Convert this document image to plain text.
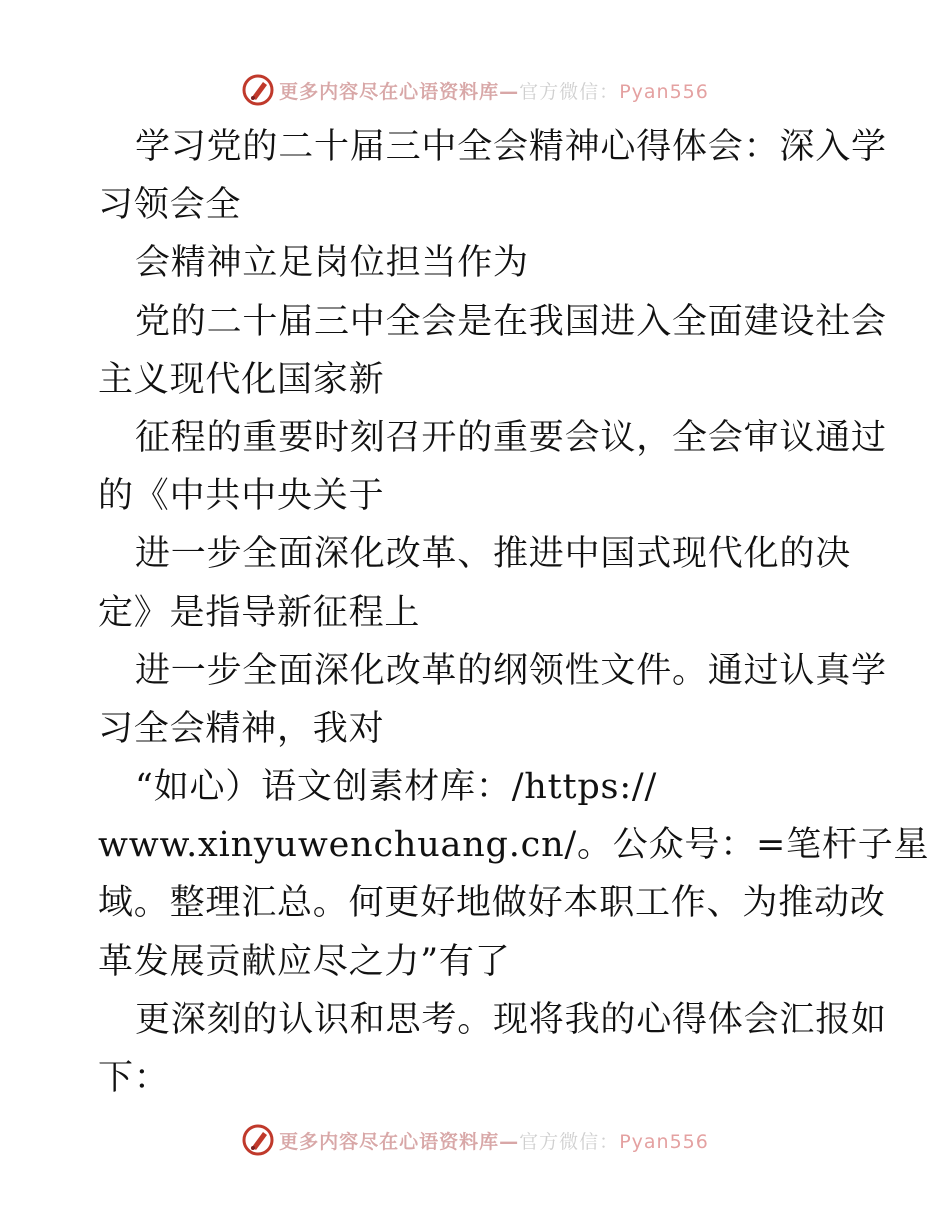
更多内容尽在心语资料库—官方微信：Pyan556
学习党的二十届三中全会精神心得体会：深入学
习领会全
会精神立足岗位担当作为
党的二十届三中全会是在我国进入全面建设社会
主义现代化国家新
征程的重要时刻召开的重要会议，全会审议通过
的《中共中央关于
进一步全面深化改革、推进中国式现代化的决
定》是指导新征程上
进一步全面深化改革的纲领性文件。通过认真学
习全会精神，我对
“如心）语文创素材库：/https://
www.xinyuwenchuang.cn/。公众号：=笔杆子星
域。整理汇总。何更好地做好本职工作、为推动改
革发展贡献应尽之力”有了
更深刻的认识和思考。现将我的心得体会汇报如
下：
更多内容尽在心语资料库—官方微信：Pyan556
